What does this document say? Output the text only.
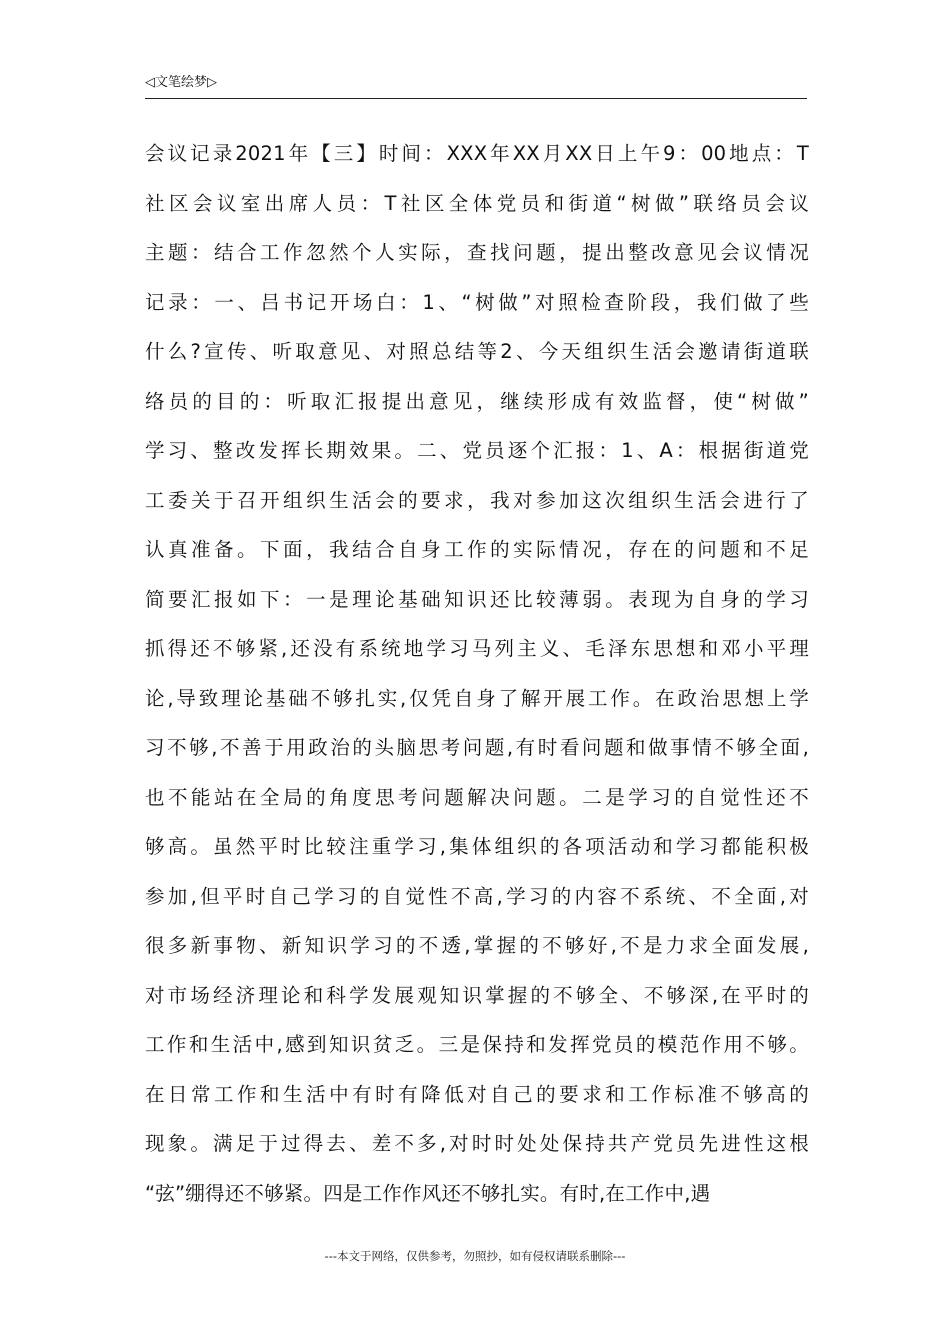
◁文笔绘梦▷
会议记录2021年【三】时间：XXX年XX月XX日上午9：00地点：T
社区会议室出席人员：T社区全体党员和街道“树做”联络员会议
主题：结合工作忽然个人实际，查找问题，提出整改意见会议情况
记录：一、吕书记开场白：1、“树做”对照检查阶段，我们做了些
什么?宣传、听取意见、对照总结等2、今天组织生活会邀请街道联
络员的目的：听取汇报提出意见，继续形成有效监督，使“树做”
学习、整改发挥长期效果。二、党员逐个汇报：1、A：根据街道党
工委关于召开组织生活会的要求，我对参加这次组织生活会进行了
认真准备。下面，我结合自身工作的实际情况，存在的问题和不足
简要汇报如下：一是理论基础知识还比较薄弱。表现为自身的学习
抓得还不够紧,还没有系统地学习马列主义、毛泽东思想和邓小平理
论,导致理论基础不够扎实,仅凭自身了解开展工作。在政治思想上学
习不够,不善于用政治的头脑思考问题,有时看问题和做事情不够全面,
也不能站在全局的角度思考问题解决问题。二是学习的自觉性还不
够高。虽然平时比较注重学习,集体组织的各项活动和学习都能积极
参加,但平时自己学习的自觉性不高,学习的内容不系统、不全面,对
很多新事物、新知识学习的不透,掌握的不够好,不是力求全面发展,
对市场经济理论和科学发展观知识掌握的不够全、不够深,在平时的
工作和生活中,感到知识贫乏。三是保持和发挥党员的模范作用不够。
在日常工作和生活中有时有降低对自己的要求和工作标准不够高的
现象。满足于过得去、差不多,对时时处处保持共产党员先进性这根
“弦”绷得还不够紧。四是工作作风还不够扎实。有时,在工作中,遇
---本文于网络，仅供参考，勿照抄，如有侵权请联系删除---
